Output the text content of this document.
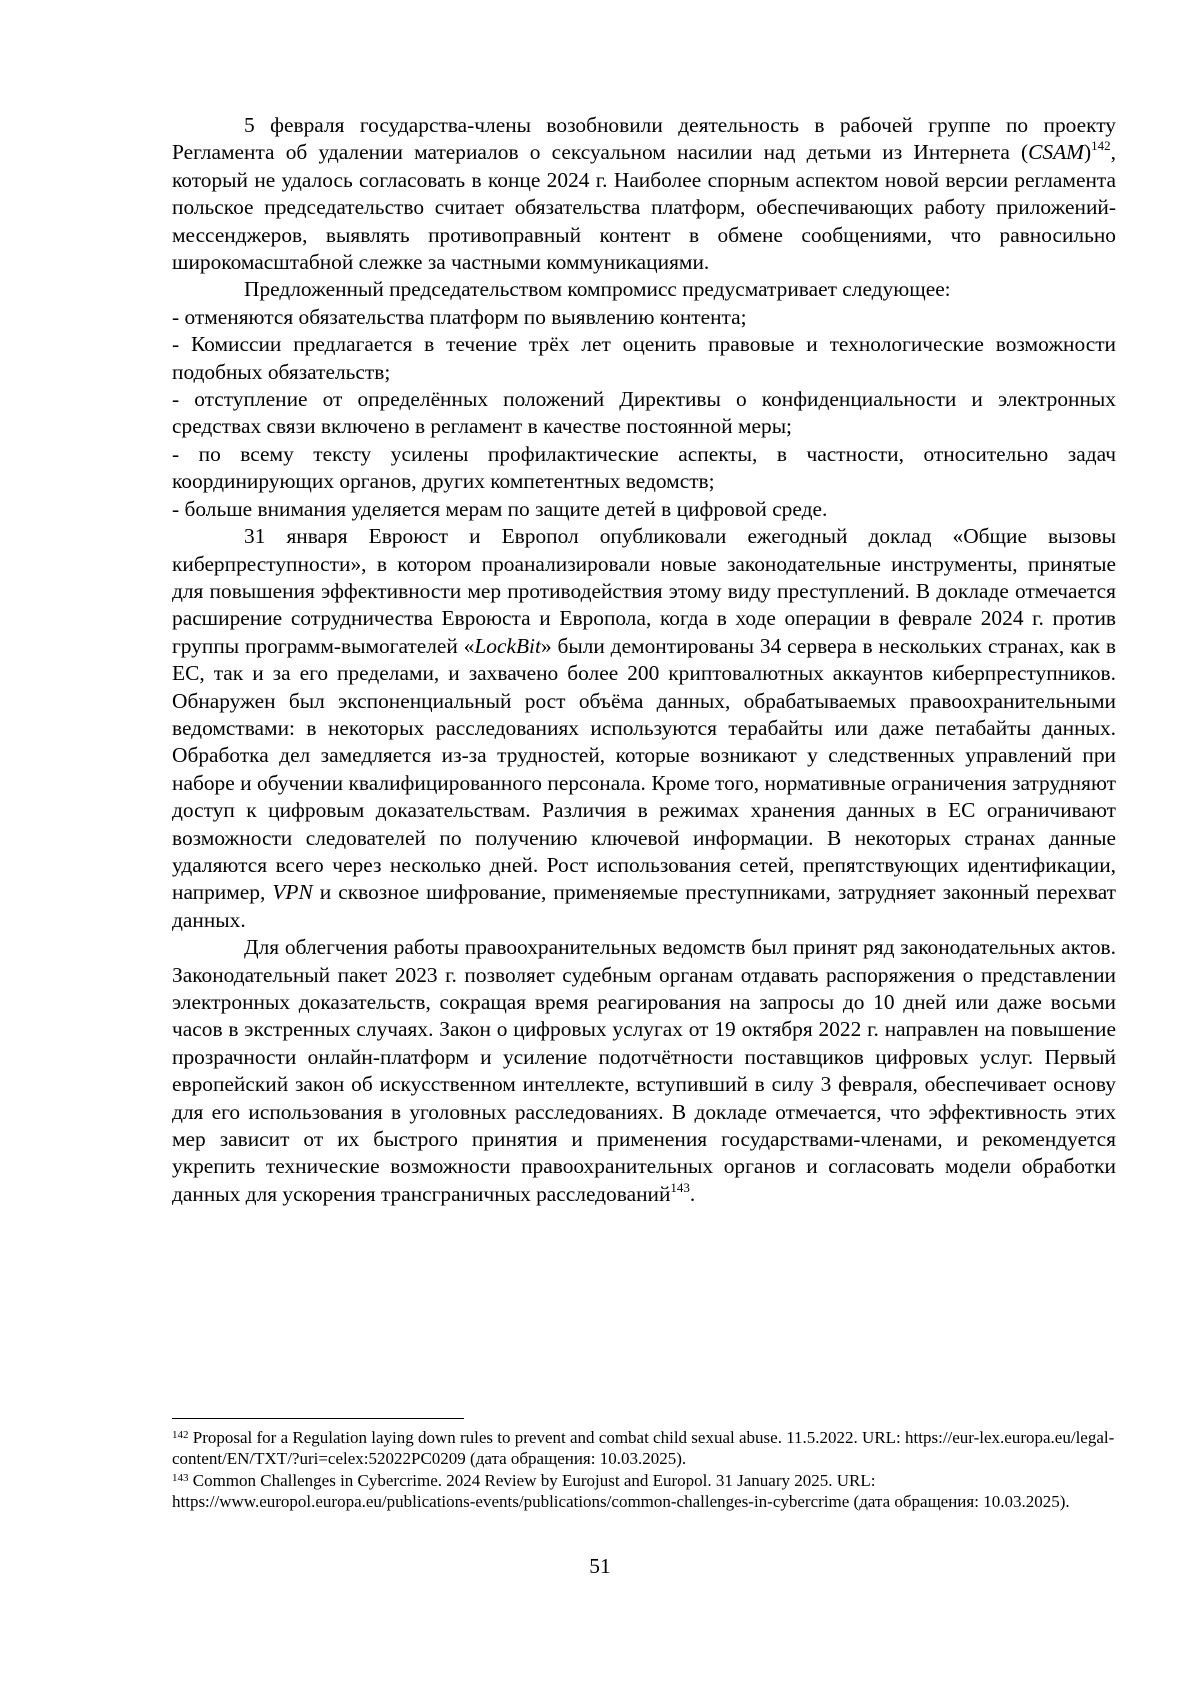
5 февраля государства-члены возобновили деятельность в рабочей группе по проекту Регламента об удалении материалов о сексуальном насилии над детьми из Интернета (CSAM)$^{142}$, который не удалось согласовать в конце 2024 г. Наиболее спорным аспектом новой версии регламента польское председательство считает обязательства платформ, обеспечивающих работу приложений-мессенджеров, выявлять противоправный контент в обмене сообщениями, что равносильно широкомасштабной слежке за частными коммуникациями.

Предложенный председательством компромисс предусматривает следующее:

- отменяются обязательства платформ по выявлению контента;

- Комиссии предлагается в течение трёх лет оценить правовые и технологические возможности подобных обязательств;

- отступление от определённых положений Директивы о конфиденциальности и электронных средствах связи включено в регламент в качестве постоянной меры;

- по всему тексту усилены профилактические аспекты, в частности, относительно задач координирующих органов, других компетентных ведомств;

- больше внимания уделяется мерам по защите детей в цифровой среде.

31 января Евроюст и Европол опубликовали ежегодный доклад «Общие вызовы киберпреступности», в котором проанализировали новые законодательные инструменты, принятые для повышения эффективности мер противодействия этому виду преступлений. В докладе отмечается расширение сотрудничества Евроюста и Европола, когда в ходе операции в феврале 2024 г. против группы программ-вымогателей «LockBit» были демонтированы 34 сервера в нескольких странах, как в ЕС, так и за его пределами, и захвачено более 200 криптовалютных аккаунтов киберпреступников. Обнаружен был экспоненциальный рост объёма данных, обрабатываемых правоохранительными ведомствами: в некоторых расследованиях используются терабайты или даже петабайты данных. Обработка дел замедляется из-за трудностей, которые возникают у следственных управлений при наборе и обучении квалифицированного персонала. Кроме того, нормативные ограничения затрудняют доступ к цифровым доказательствам. Различия в режимах хранения данных в ЕС ограничивают возможности следователей по получению ключевой информации. В некоторых странах данные удаляются всего через несколько дней. Рост использования сетей, препятствующих идентификации, например, VPN и сквозное шифрование, применяемые преступниками, затрудняет законный перехват данных.

Для облегчения работы правоохранительных ведомств был принят ряд законодательных актов. Законодательный пакет 2023 г. позволяет судебным органам отдавать распоряжения о представлении электронных доказательств, сокращая время реагирования на запросы до 10 дней или даже восьми часов в экстренных случаях. Закон о цифровых услугах от 19 октября 2022 г. направлен на повышение прозрачности онлайн-платформ и усиление подотчётности поставщиков цифровых услуг. Первый европейский закон об искусственном интеллекте, вступивший в силу 3 февраля, обеспечивает основу для его использования в уголовных расследованиях. В докладе отмечается, что эффективность этих мер зависит от их быстрого принятия и применения государствами-членами, и рекомендуется укрепить технические возможности правоохранительных органов и согласовать модели обработки данных для ускорения трансграничных расследований$^{143}$.

$^{142}$ Proposal for a Regulation laying down rules to prevent and combat child sexual abuse. 11.5.2022. URL: https://eur-lex.europa.eu/legal-content/EN/TXT/?uri=celex:52022PC0209 (дата обращения: 10.03.2025).

$^{143}$ Common Challenges in Cybercrime. 2024 Review by Eurojust and Europol. 31 January 2025. URL: https://www.europol.europa.eu/publications-events/publications/common-challenges-in-cybercrime (дата обращения: 10.03.2025).

51
